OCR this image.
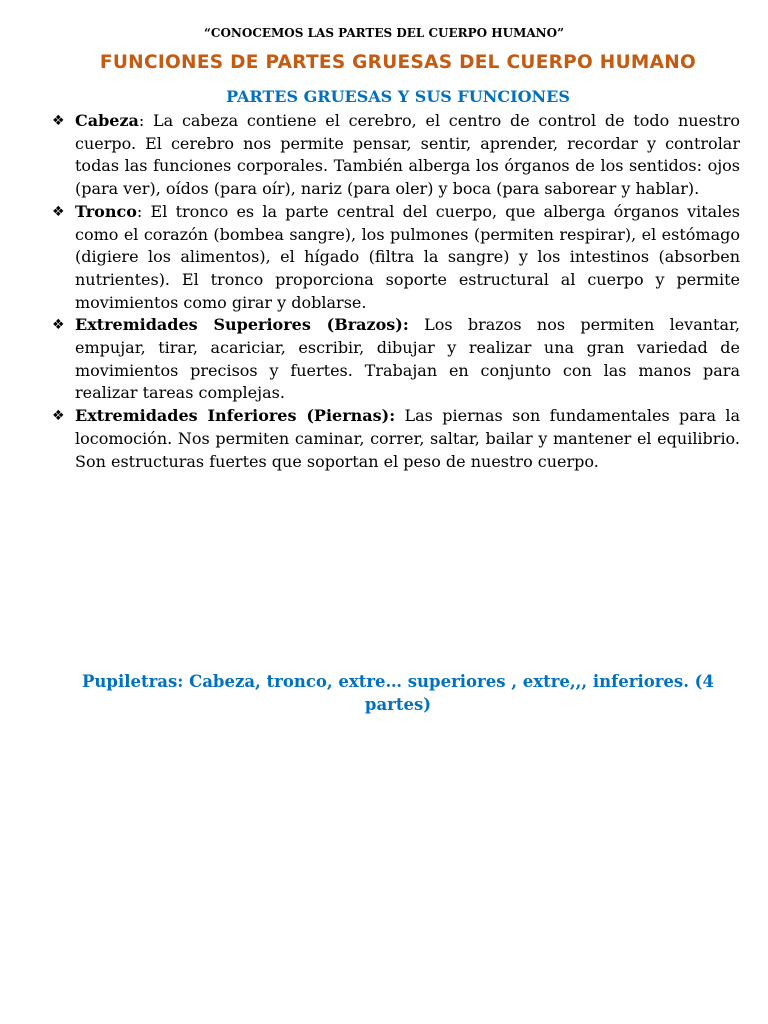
“CONOCEMOS LAS PARTES DEL CUERPO HUMANO”
FUNCIONES DE PARTES GRUESAS DEL CUERPO HUMANO
PARTES GRUESAS Y SUS FUNCIONES
❖ Cabeza: La cabeza contiene el cerebro, el centro de control de todo nuestro cuerpo. El cerebro nos permite pensar, sentir, aprender, recordar y controlar todas las funciones corporales. También alberga los órganos de los sentidos: ojos (para ver), oídos (para oír), nariz (para oler) y boca (para saborear y hablar).
❖ Tronco: El tronco es la parte central del cuerpo, que alberga órganos vitales como el corazón (bombea sangre), los pulmones (permiten respirar), el estómago (digiere los alimentos), el hígado (filtra la sangre) y los intestinos (absorben nutrientes). El tronco proporciona soporte estructural al cuerpo y permite movimientos como girar y doblarse.
❖ Extremidades Superiores (Brazos): Los brazos nos permiten levantar, empujar, tirar, acariciar, escribir, dibujar y realizar una gran variedad de movimientos precisos y fuertes. Trabajan en conjunto con las manos para realizar tareas complejas.
❖ Extremidades Inferiores (Piernas): Las piernas son fundamentales para la locomoción. Nos permiten caminar, correr, saltar, bailar y mantener el equilibrio. Son estructuras fuertes que soportan el peso de nuestro cuerpo.
Pupiletras: Cabeza, tronco, extre… superiores , extre,,, inferiores. (4 partes)
